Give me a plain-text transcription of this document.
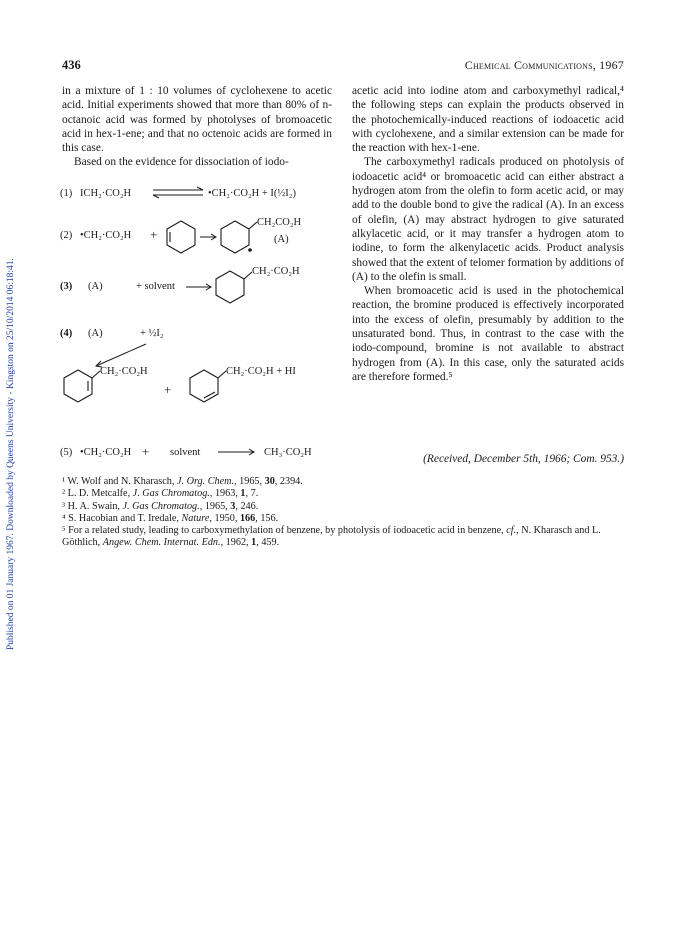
Published on 01 January 1967. Downloaded by Queens University - Kingston on 25/10/2014 06:18:41.
436	Chemical Communications, 1967

in a mixture of 1 : 10 volumes of cyclohexene to acetic acid. Initial experiments showed that more than 80% of n-octanoic acid was formed by photolyses of bromoacetic acid in hex-1-ene; and that no octenoic acids are formed in this case.

Based on the evidence for dissociation of iodo-

(1) ICH₂·CO₂H	•CH₂·CO₂H + I(½I₂)
(2) •CH₂·CO₂H +
CH₂CO₂H
(A)
(3) (A)	+ solvent
CH₂·CO₂H
(4) (A)	+ ½I₂
CH₂·CO₂H
+
CH₂·CO₂H + HI
(5) •CH₂·CO₂H + solvent	CH₃·CO₂H

acetic acid into iodine atom and carboxymethyl radical,⁴ the following steps can explain the products observed in the photochemically-induced reactions of iodoacetic acid with cyclohexene, and a similar extension can be made for the reaction with hex-1-ene.

The carboxymethyl radicals produced on photolysis of iodoacetic acid⁴ or bromoacetic acid can either abstract a hydrogen atom from the olefin to form acetic acid, or may add to the double bond to give the radical (A). In an excess of olefin, (A) may abstract hydrogen to give saturated alkylacetic acid, or it may transfer a hydrogen atom to iodine, to form the alkenylacetic acids. Product analysis showed that the extent of telomer formation by additions of (A) to the olefin is small.

When bromoacetic acid is used in the photochemical reaction, the bromine produced is effectively incorporated into the excess of olefin, presumably by addition to the unsaturated bond. Thus, in contrast to the case with the iodo-compound, bromine is not available to abstract hydrogen from (A). In this case, only the saturated acids are therefore formed.⁵

(Received, December 5th, 1966; Com. 953.)

¹ W. Wolf and N. Kharasch, J. Org. Chem., 1965, 30, 2394.

² L. D. Metcalfe, J. Gas Chromatog., 1963, 1, 7.

³ H. A. Swain, J. Gas Chromatog., 1965, 3, 246.

⁴ S. Hacobian and T. Iredale, Nature, 1950, 166, 156.

⁵ For a related study, leading to carboxymethylation of benzene, by photolysis of iodoacetic acid in benzene, cf., N. Kharasch and L. Göthlich, Angew. Chem. Internat. Edn., 1962, 1, 459.
